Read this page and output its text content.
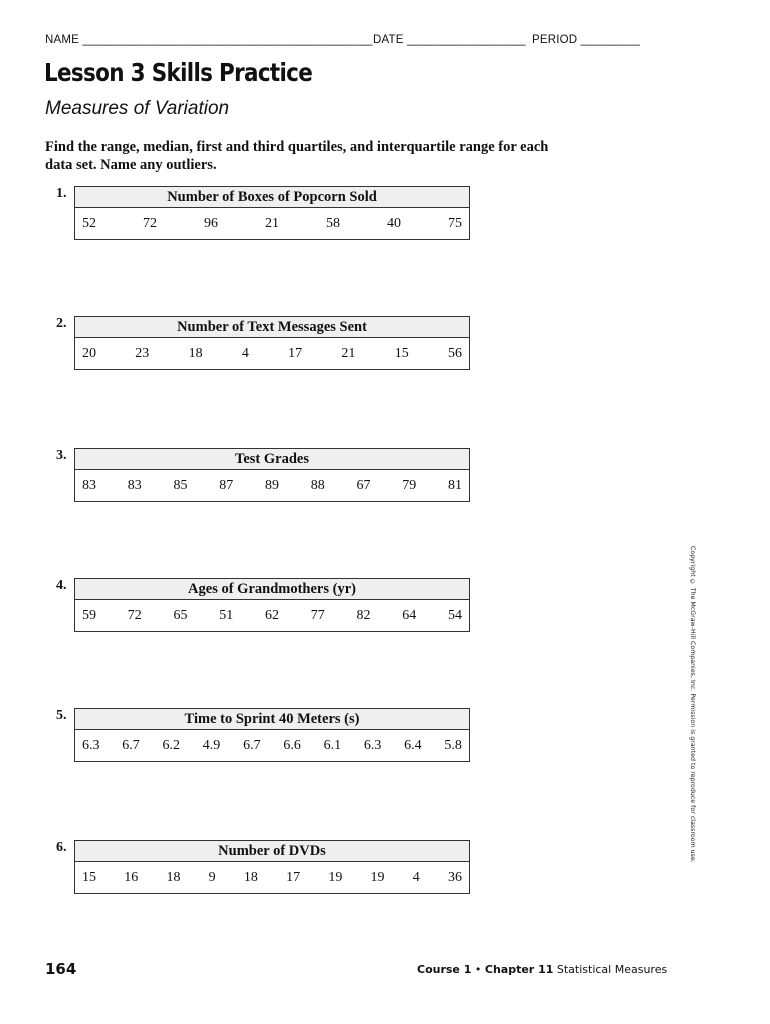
NAME ____________________________________________ DATE __________________ PERIOD _________
Lesson 3 Skills Practice
Measures of Variation

Find the range, median, first and third quartiles, and interquartile range for each data set. Name any outliers.

1.	Number of Boxes of Popcorn Sold
52	72	96	21	58	40	75
2.	Number of Text Messages Sent
20	23	18	4	17	21	15	56
3.	Test Grades
83 83 85 87 89 88 67 79 81
4.	Ages of Grandmothers (yr)
59 72 65 51 62 77 82 64 54
5.	Time to Sprint 40 Meters (s)
6.3 6.7 6.2 4.9 6.7 6.6 6.1 6.3 6.4 5.8
6.	Number of DVDs
15 16 18 9 18 17 19 19 4 36
Copyright © The McGraw-Hill Companies, Inc. Permission is granted to reproduce for classroom use.
164	Course 1 • Chapter 11 Statistical Measures
